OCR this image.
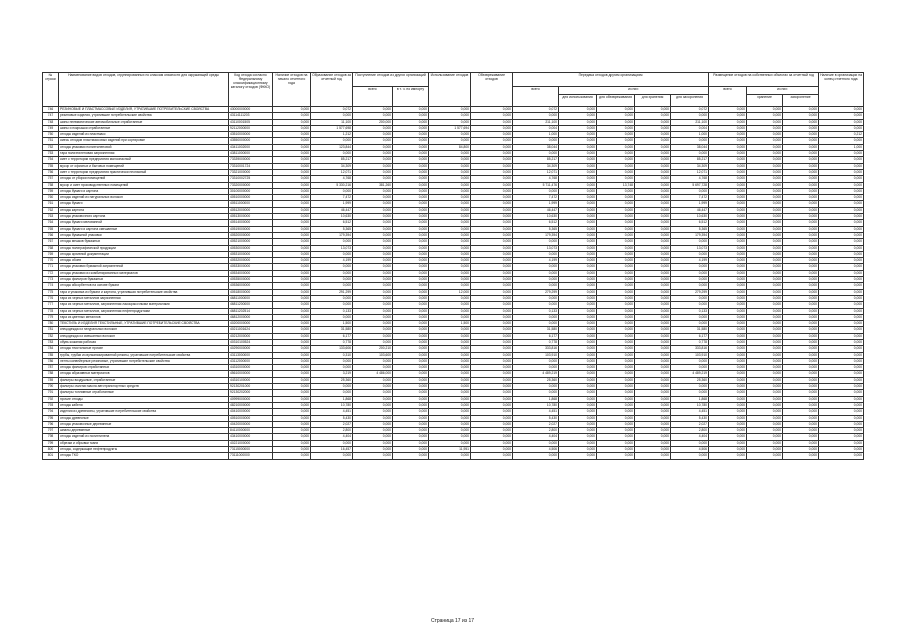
№ строки	Наименование видов отходов, сгруппированных по классам опасности для окружающей среды	Код отхода согласно Федеральному классификационному каталогу отходов (ФККО)	Наличие отходов на начало отчетного года	Образование отходов за отчетный год	Поступление отходов из других организаций		Использование отходов	Обезвреживание отходов	Передача отходов другим организациям					Размещение отходов на собственных объектах за отчетный год			Наличие в организации на конец отчетного года
					всего	в т. ч. по импорту			всего	из них:				всего	из них:		
										для использования	для обезвреживания	для хранения	для захоронения		хранение	захоронение	
746	РЕЗИНОВЫЕ И ПЛАСТМАССОВЫЕ ИЗДЕЛИЯ, УТРАТИВШИЕ ПОТРЕБИТЕЛЬСКИЕ СВОЙСТВА	43000000000	0,000	0,072	0,000	0,000	0,000	0,000	0,072	0,000	0,000	0,000	0,072	0,000	0,000	0,000	0,000
747	резиновые изделия, утратившие потребительские свойства	43114111203	0,000	0,000	0,000	0,000	0,000	0,000	0,000	0,000	0,000	0,000	0,000	0,000	0,000	0,000	0,000
748	шины пневматические автомобильные отработанные	43110001505	0,000	11,100	200,000	0,000	0,000	0,000	211,100	0,000	0,000	0,000	211,100	0,000	0,000	0,000	0,000
749	шины и покрышки отработанные	92112000000	0,000	1 577,698	0,000	0,000	1 577,694	0,000	0,004	0,000	0,000	0,000	0,004	0,000	0,000	0,000	0,000
750	отходы изделий из пластмасс	43510000000	0,000	1,212	0,000	0,000	0,000	0,000	1,000	0,000	0,000	0,000	1,000	0,000	0,000	0,000	0,212
751	смесь отходов пластмассовых изделий при сортировке	43550000000	0,000	0,000	0,000	0,000	0,000	0,000	0,000	0,000	0,000	0,000	0,000	0,000	0,000	0,000	0,000
752	отходы упаковки полиэтиленовой	43411002000	0,000	123,844	0,000	0,000	84,800	0,000	38,044	0,000	0,000	0,000	38,044	0,000	0,000	0,000	1,000
753	тара полиэтиленовая загрязненная	43811000000	0,000	0,000	0,000	0,000	0,000	0,000	0,000	0,000	0,000	0,000	0,000	0,000	0,000	0,000	0,000
754	смет с территории предприятия малоопасный	73339000000	0,000	85,217	0,000	0,000	0,000	0,000	85,217	0,000	0,000	0,000	85,217	0,000	0,000	0,000	0,000
755	мусор от офисных и бытовых помещений	73310001724	0,000	34,309	0,000	0,000	0,000	0,000	34,309	0,000	0,000	0,000	34,309	0,000	0,000	0,000	0,000
756	смет с территории предприятия практически неопасный	73321000000	0,000	12,071	0,000	0,000	0,000	0,000	12,071	0,000	0,000	0,000	12,071	0,000	0,000	0,000	0,000
757	отходы от уборки помещений	73310002725	0,000	4,768	0,000	0,000	0,000	0,000	4,768	0,000	0,000	0,000	4,768	0,000	0,000	0,000	0,000
758	мусор и смет производственных помещений	73320000000	0,000	5 330,216	381,260	0,000	0,000	0,000	5 711,476	0,000	13,748	0,000	5 697,728	0,000	0,000	0,000	0,000
759	отходы бумаги и картона	30100000000	0,000	0,000	0,000	0,000	0,000	0,000	0,000	0,000	0,000	0,000	0,000	0,000	0,000	0,000	0,000
760	отходы изделий из натуральных волокон	40510000000	0,000	7,472	0,000	0,000	0,000	0,000	7,472	0,000	0,000	0,000	7,472	0,000	0,000	0,000	0,000
761	отходы бумаги	40511000000	0,000	1,999	0,000	0,000	0,000	0,000	1,999	0,000	0,000	0,000	1,999	0,000	0,000	0,000	0,000
762	отходы картона	40512000000	0,000	46,447	0,000	0,000	0,000	0,000	46,447	0,000	0,000	0,000	46,447	0,000	0,000	0,000	0,000
763	отходы упаковочного картона	40513000000	0,000	10,630	0,000	0,000	0,000	0,000	10,630	0,000	0,000	0,000	10,630	0,000	0,000	0,000	0,000
764	отходы бумаги мелованной	40514000000	0,000	6,512	0,000	0,000	0,000	0,000	6,512	0,000	0,000	0,000	6,512	0,000	0,000	0,000	0,000
765	отходы бумаги и картона смешанные	40519000000	0,000	5,365	0,000	0,000	0,000	0,000	5,365	0,000	0,000	0,000	5,365	0,000	0,000	0,000	0,000
766	отходы бумажной упаковки	40520000000	0,000	179,394	0,000	0,000	0,000	0,000	179,394	0,000	0,000	0,000	179,394	0,000	0,000	0,000	0,000
767	отходы мешков бумажных	40521000000	0,000	0,000	0,000	0,000	0,000	0,000	0,000	0,000	0,000	0,000	0,000	0,000	0,000	0,000	0,000
768	отходы полиграфической продукции	40530000000	0,000	13,073	0,000	0,000	0,000	0,000	13,073	0,000	0,000	0,000	13,073	0,000	0,000	0,000	0,000
769	отходы архивной документации	40531000000	0,000	0,000	0,000	0,000	0,000	0,000	0,000	0,000	0,000	0,000	0,000	0,000	0,000	0,000	0,000
770	отходы обоев	40532000000	0,000	4,199	0,000	0,000	0,000	0,000	4,199	0,000	0,000	0,000	4,199	0,000	0,000	0,000	0,000
771	отходы упаковки бумажной загрязненной	40533000000	0,000	0,000	0,000	0,000	0,000	0,000	0,000	0,000	0,000	0,000	0,000	0,000	0,000	0,000	0,000
772	отходы упаковки из комбинированных материалов	40534000000	0,000	0,000	0,000	0,000	0,000	0,000	0,000	0,000	0,000	0,000	0,000	0,000	0,000	0,000	0,000
773	отходы фильтров бумажных	40535000000	0,000	0,000	0,000	0,000	0,000	0,000	0,000	0,000	0,000	0,000	0,000	0,000	0,000	0,000	0,000
774	отходы абсорбентов на основе бумаги	40536000000	0,000	0,000	0,000	0,000	0,000	0,000	0,000	0,000	0,000	0,000	0,000	0,000	0,000	0,000	0,000
775	тара и упаковка из бумаги и картона, утратившая потребительские свойства	40518000000	0,000	291,299	0,000	0,000	12,000	0,000	279,299	0,000	0,000	0,000	279,299	0,000	0,000	0,000	0,000
776	тара из черных металлов загрязненная	46811000000	0,000	0,000	0,000	0,000	0,000	0,000	0,000	0,000	0,000	0,000	0,000	0,000	0,000	0,000	0,000
777	тара из черных металлов, загрязненная лакокрасочными материалами	46811200000	0,000	0,000	0,000	0,000	0,000	0,000	0,000	0,000	0,000	0,000	0,000	0,000	0,000	0,000	0,000
778	тара из черных металлов, загрязненная нефтепродуктами	46811202514	0,000	0,133	0,000	0,000	0,000	0,000	0,133	0,000	0,000	0,000	0,133	0,000	0,000	0,000	0,000
779	тара из цветных металлов	46812000000	0,000	0,000	0,000	0,000	0,000	0,000	0,000	0,000	0,000	0,000	0,000	0,000	0,000	0,000	0,000
780	ТЕКСТИЛЬ И ИЗДЕЛИЯ ТЕКСТИЛЬНЫЕ, УТРАТИВШИЕ ПОТРЕБИТЕЛЬСКИЕ СВОЙСТВА	40200000000	0,000	1,500	0,000	0,000	1,500	0,000	0,000	0,000	0,000	0,000	0,000	0,000	0,000	0,000	0,000
781	спецодежда из натуральных волокон	40211001624	0,000	31,580	0,000	0,000	0,000	0,000	31,580	0,000	0,000	0,000	31,580	0,000	0,000	0,000	0,000
782	спецодежда из смешанных волокон	40212000000	0,000	6,177	0,000	0,000	0,000	0,000	6,177	0,000	0,000	0,000	6,177	0,000	0,000	0,000	0,000
783	обувь кожаная рабочая	40310100524	0,000	0,778	0,000	0,000	0,000	0,000	0,778	0,000	0,000	0,000	0,778	0,000	0,000	0,000	0,000
784	отходы текстильные прочие	40290000000	0,000	133,606	200,210	0,000	0,000	0,000	333,816	0,000	0,000	0,000	333,816	0,000	0,000	0,000	0,000
785	трубы, трубки из вулканизированной резины, утратившие потребительские свойства	43113000000	0,000	0,310	103,600	0,000	0,000	0,000	103,910	0,000	0,000	0,000	103,910	0,000	0,000	0,000	0,000
786	ленты конвейерные резиновые, утратившие потребительские свойства	43112000000	0,000	0,000	0,000	0,000	0,000	0,000	0,000	0,000	0,000	0,000	0,000	0,000	0,000	0,000	0,000
787	отходы фильтров отработанных	44310000000	0,000	0,000	0,000	0,000	0,000	0,000	0,000	0,000	0,000	0,000	0,000	0,000	0,000	0,000	0,000
788	отходы абразивных материалов	45610000000	0,000	3,219	4 486,000	0,000	0,000	0,000	4 489,219	0,000	0,000	0,000	4 489,219	0,000	0,000	0,000	0,000
789	фильтры воздушные, отработанные	44310100000	0,000	25,360	0,000	0,000	0,000	0,000	25,360	0,000	0,000	0,000	25,360	0,000	0,000	0,000	0,000
790	фильтры очистки масла автотранспортных средств	92130201000	0,000	0,000	0,000	0,000	0,000	0,000	0,000	0,000	0,000	0,000	0,000	0,000	0,000	0,000	0,000
791	фильтры топливные отработанные	92130202000	0,000	0,000	0,000	0,000	0,000	0,000	0,000	0,000	0,000	0,000	0,000	0,000	0,000	0,000	0,000
792	прочие отходы	40999000000	0,000	1,868	0,000	0,000	0,000	0,000	1,868	0,000	0,000	0,000	1,868	0,000	0,000	0,000	0,000
793	отходы кабеля	48210000000	0,000	10,780	0,000	0,000	0,000	0,000	10,780	0,000	0,000	0,000	10,780	0,000	0,000	0,000	0,000
794	изделия из древесины, утратившие потребительские свойства	40410000000	0,000	4,451	0,000	0,000	0,000	0,000	4,451	0,000	0,000	0,000	4,451	0,000	0,000	0,000	0,000
795	отходы древесные	40510000000	0,000	5,430	0,000	0,000	0,000	0,000	5,430	0,000	0,000	0,000	5,430	0,000	0,000	0,000	0,000
796	отходы упаковочные деревянные	40420000000	0,000	2,027	0,000	0,000	0,000	0,000	2,027	0,000	0,000	0,000	2,027	0,000	0,000	0,000	0,000
797	шпалы деревянные	84110000000	0,000	2,800	0,000	0,000	0,000	0,000	2,800	0,000	0,000	0,000	2,800	0,000	0,000	0,000	0,000
798	отходы изделий из полиэтилена	43410000000	0,000	4,404	0,000	0,000	0,000	0,000	4,404	0,000	0,000	0,000	4,404	0,000	0,000	0,000	0,000
799	обрезки и обрывки ткани	40221000000	0,000	0,000	0,000	0,000	0,000	0,000	0,000	0,000	0,000	0,000	0,000	0,000	0,000	0,000	0,000
800	отходы, содержащие нефтепродукты	73115000000	0,000	16,457	0,000	0,000	11,951	0,000	4,506	0,000	0,000	0,000	4,506	0,000	0,000	0,000	0,000
801	отходы ТКО	73111000000	0,000	0,000	0,000	0,000	0,000	0,000	0,000	0,000	0,000	0,000	0,000	0,000	0,000	0,000	0,000
Страница 17 из 17
